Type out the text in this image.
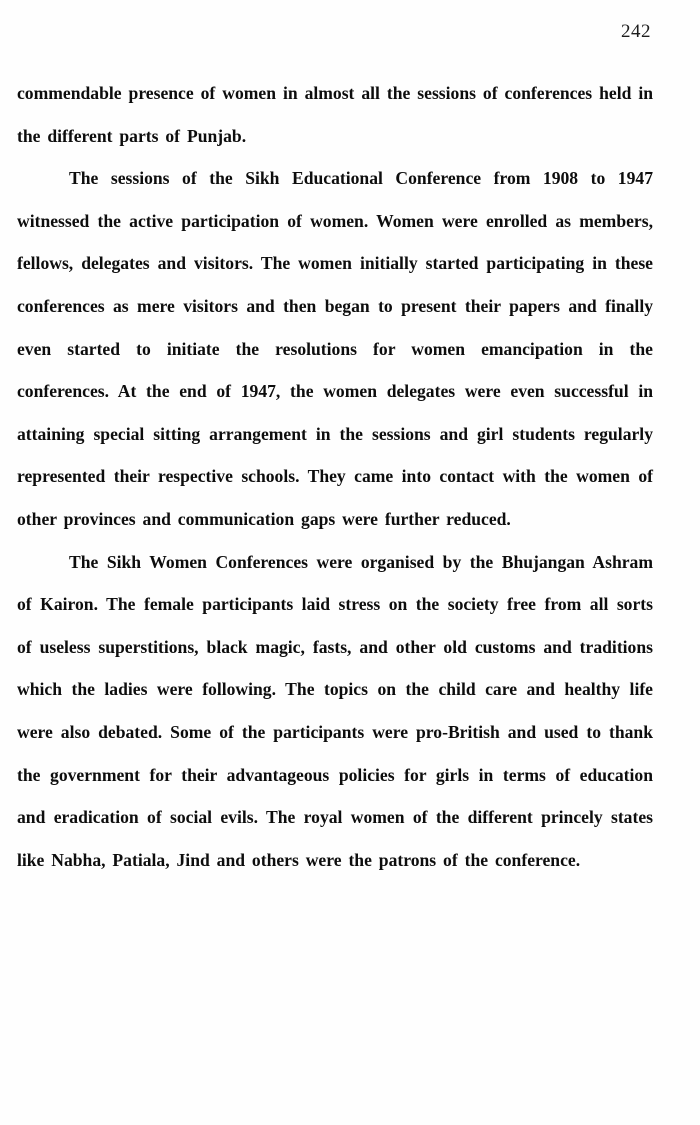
242

commendable presence of women in almost all the sessions of conferences held in the different parts of Punjab.

The sessions of the Sikh Educational Conference from 1908 to 1947 witnessed the active participation of women. Women were enrolled as members, fellows, delegates and visitors. The women initially started participating in these conferences as mere visitors and then began to present their papers and finally even started to initiate the resolutions for women emancipation in the conferences. At the end of 1947, the women delegates were even successful in attaining special sitting arrangement in the sessions and girl students regularly represented their respective schools. They came into contact with the women of other provinces and communication gaps were further reduced.

The Sikh Women Conferences were organised by the Bhujangan Ashram of Kairon. The female participants laid stress on the society free from all sorts of useless superstitions, black magic, fasts, and other old customs and traditions which the ladies were following. The topics on the child care and healthy life were also debated. Some of the participants were pro-British and used to thank the government for their advantageous policies for girls in terms of education and eradication of social evils. The royal women of the different princely states like Nabha, Patiala, Jind and others were the patrons of the conference.
